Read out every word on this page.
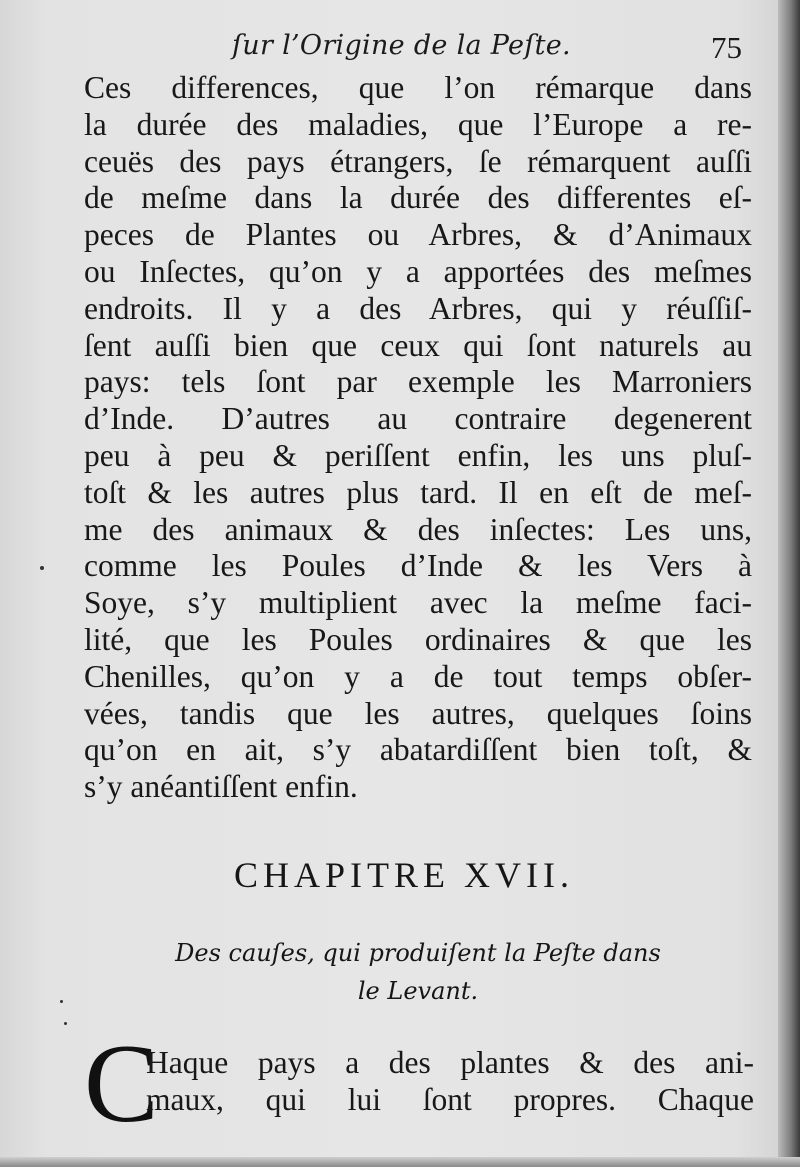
ſur l’Origine de la Peſte.	75
Ces differences, que l’on rémarque dans
la durée des maladies, que l’Europe a re-
ceuës des pays étrangers, ſe rémarquent auſſi
de meſme dans la durée des differentes eſ-
peces de Plantes ou Arbres, & d’Animaux
ou Inſectes, qu’on y a apportées des meſmes
endroits. Il y a des Arbres, qui y réuſſiſ-
ſent auſſi bien que ceux qui ſont naturels au
pays: tels ſont par exemple les Marroniers
d’Inde. D’autres au contraire degenerent
peu à peu & periſſent enfin, les uns pluſ-
toſt & les autres plus tard. Il en eſt de meſ-
me des animaux & des inſectes: Les uns,
comme les Poules d’Inde & les Vers à
Soye, s’y multiplient avec la meſme faci-
lité, que les Poules ordinaires & que les
Chenilles, qu’on y a de tout temps obſer-
vées, tandis que les autres, quelques ſoins
qu’on en ait, s’y abatardiſſent bien toſt, &
s’y anéantiſſent enfin.
CHAPITRE XVII.
Des cauſes, qui produiſent la Peſte dans
le Levant.
C
Haque pays a des plantes & des ani-
maux, qui lui ſont propres. Chaque
